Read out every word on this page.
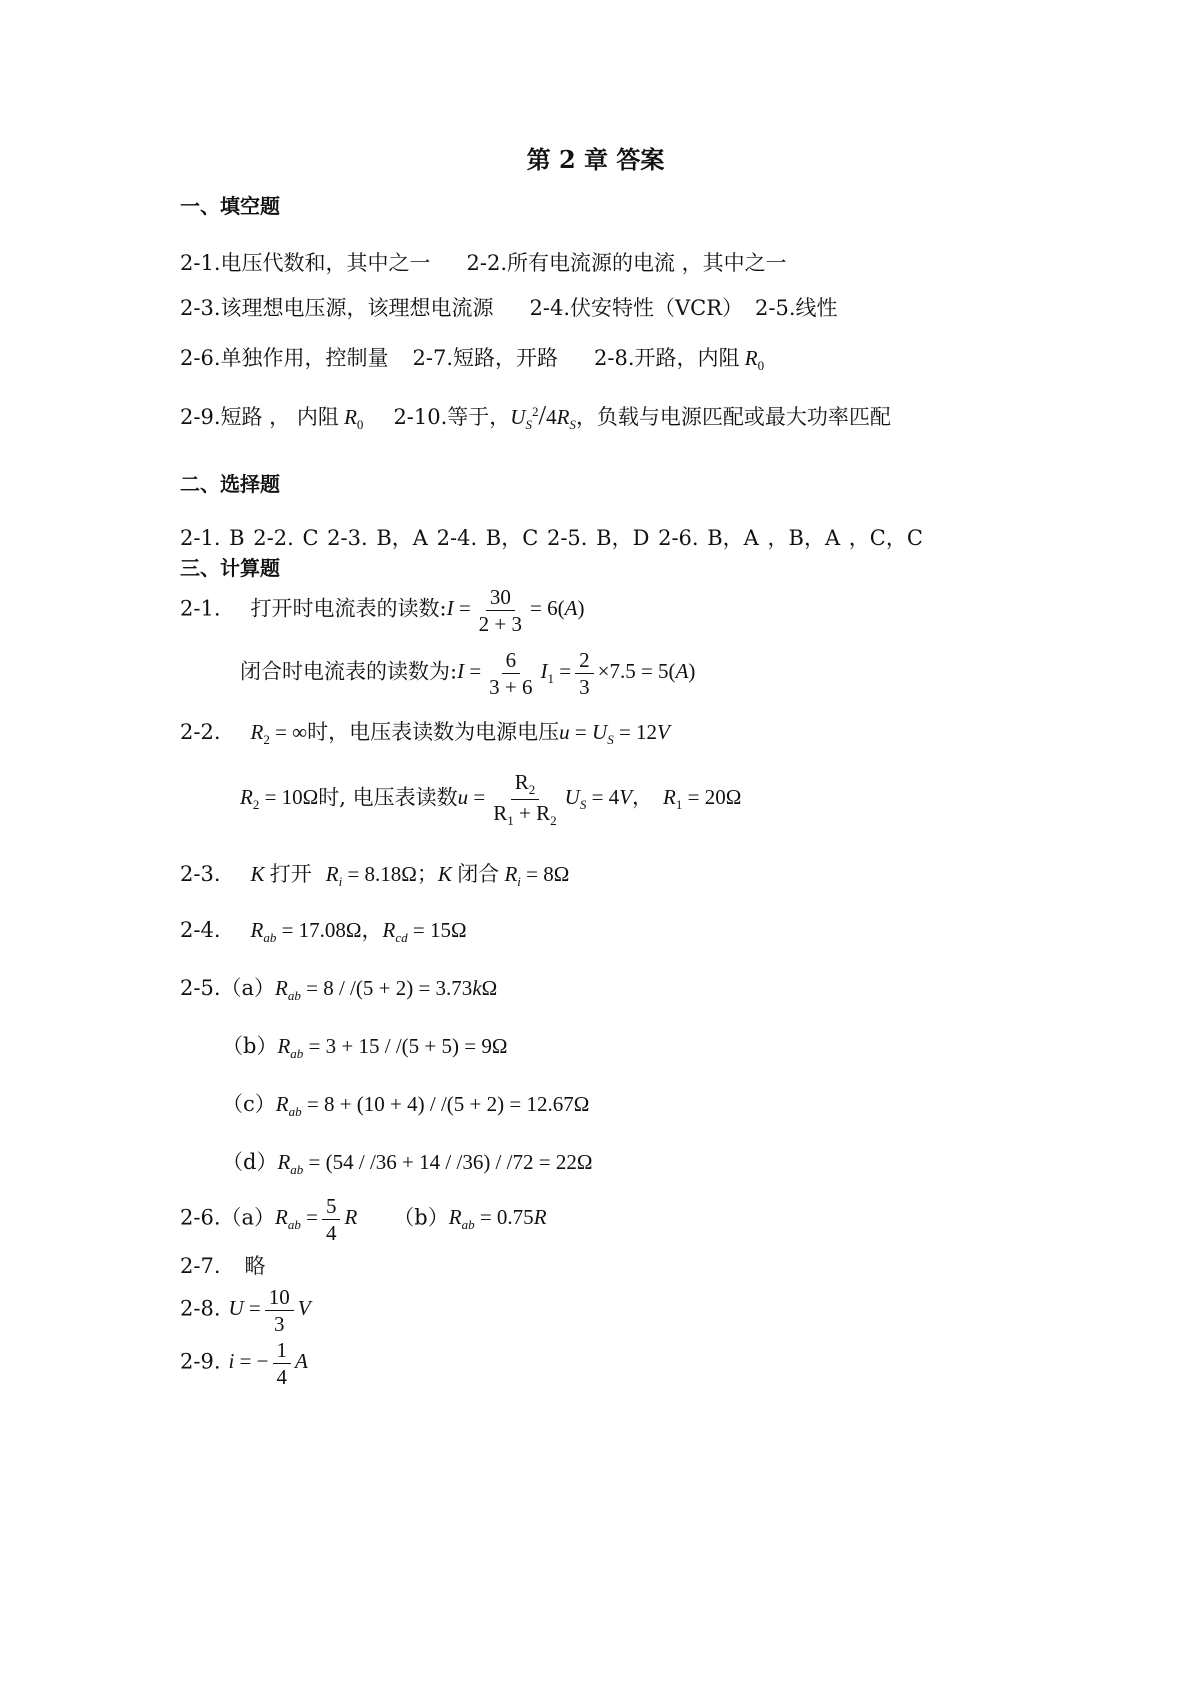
第 2 章 答案
一、填空题
2-1.电压代数和，其中之一 2-2.所有电流源的电流 ，其中之一
2-3.该理想电压源，该理想电流源 2-4.伏安特性（VCR） 2-5.线性
2-6.单独作用，控制量 2-7.短路，开路 2-8.开路，内阻 $R_0$
2-9.短路 ， 内阻 $R_0$ 2-10.等于，$U_S^2/4R_S$，负载与电源匹配或最大功率匹配
二、选择题
2-1. B 2-2. C 2-3. B，A 2-4. B，C 2-5. B，D 2-6. B，A ，B，A ，C，C
三、计算题
2-1. 打开时电流表的读数:I = $\frac{30}{2 + 3} = 6(A)$
闭合时电流表的读数为:I = $\frac{6}{3 + 6} I_1 = \frac{2}{3} \times 7.5 = 5(A)$
2-2. $R_2$ = ∞时，电压表读数为电源电压$u = U_S = 12V$
$R_2 = 10\Omega$时, 电压表读数$u = \frac{R_2}{R_1 + R_2} U_S = 4V$， $R_1 = 20\Omega$
2-3. K 打开 $R_i = 8.18\Omega$；K 闭合 $R_i = 8\Omega$
2-4. $R_{ab} = 17.08\Omega$，$R_{cd} = 15\Omega$
$2-5.(a)R_{ab} = 8 / /(5 + 2) = 3.73k\Omega$
$(b)R_{ab} = 3 + 15 / /(5 + 5) = 9\Omega$
$(c)R_{ab} = 8 + (10 + 4) / /(5 + 2) = 12.67\Omega$
$(d)R_{ab} = (54 / /36 + 14 / /36) / /72 = 22\Omega$
$2-6.(a)R_{ab} = \frac{5}{4}$ R $(b)R_{ab} = 0.75R$
2-7. 略
2-8. $U = \frac{10}{3}$ V
2-9. i = − $\frac{1}{4}$ A
